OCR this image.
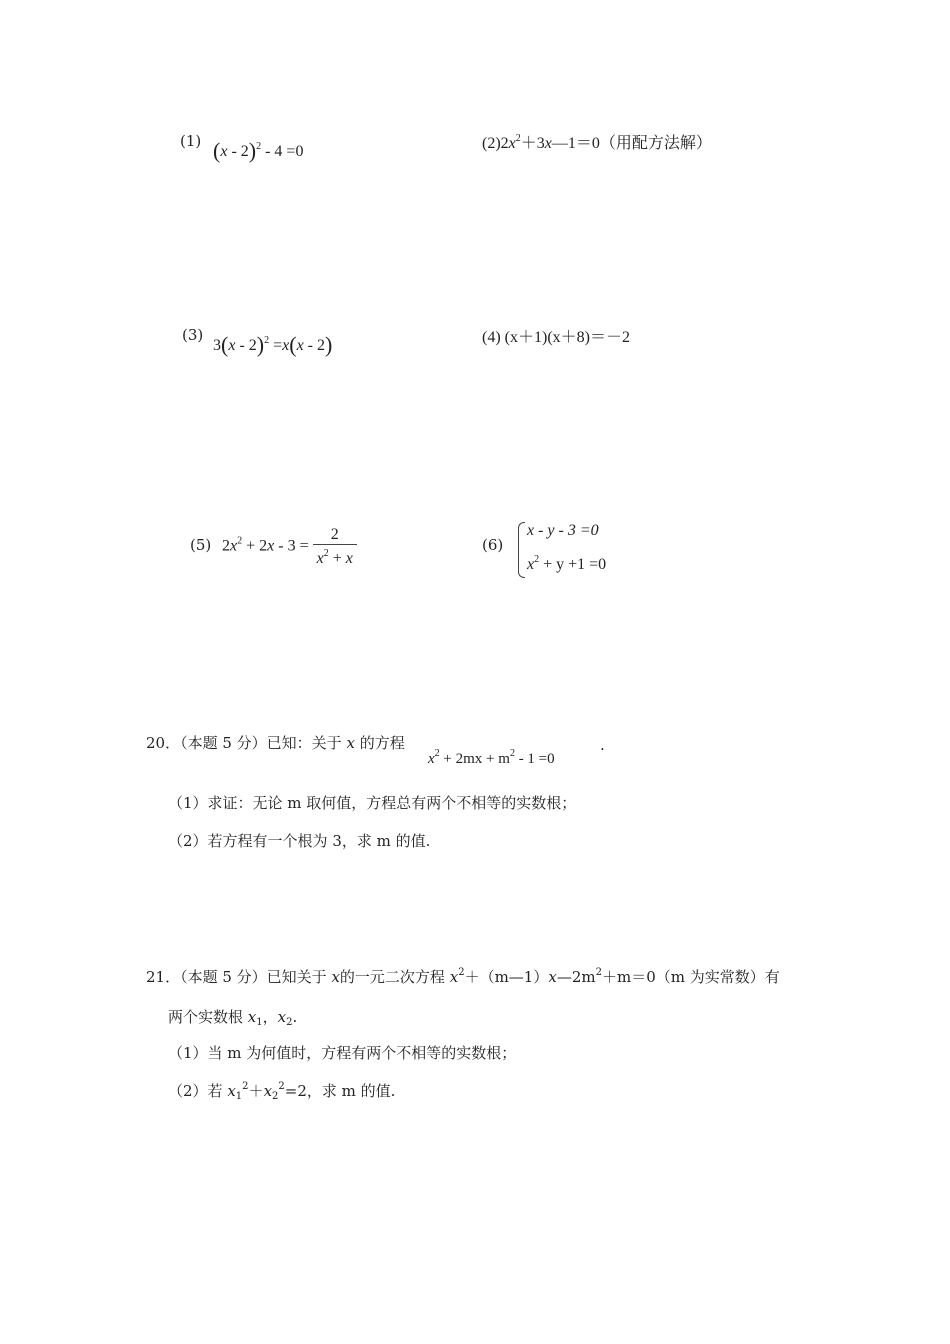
(1) (x - 2)$^2$ - 4 =0	$(2)2x^2+3x—1=0$（用配方法解）
(3)
3(x - 2)$^2$ =x(x - 2)	(4) (x＋1)(x＋8)＝－2
(5) $2x^2 + 2x - 3 = \frac{2}{x^2 + x}$	(6)
x - y - 3 =0
$x^2 + y +1 =0$
20．（本题 5 分）已知：关于 x 的方程
$x^2 + 2mx + m^2 - 1 =0$
.
（1）求证：无论 m 取何值，方程总有两个不相等的实数根；
（2）若方程有一个根为 3，求 m 的值.
21．（本题 5 分）已知关于 x的一元二次方程 $x^2+(m—1)x—2m^2+m=0(m$ 为实常数）有
两个实数根 $x_1$，$x_2$.
（1）当 m 为何值时，方程有两个不相等的实数根；
（2）若 $x_1^2+x_2^2=2$，求 m 的值.
